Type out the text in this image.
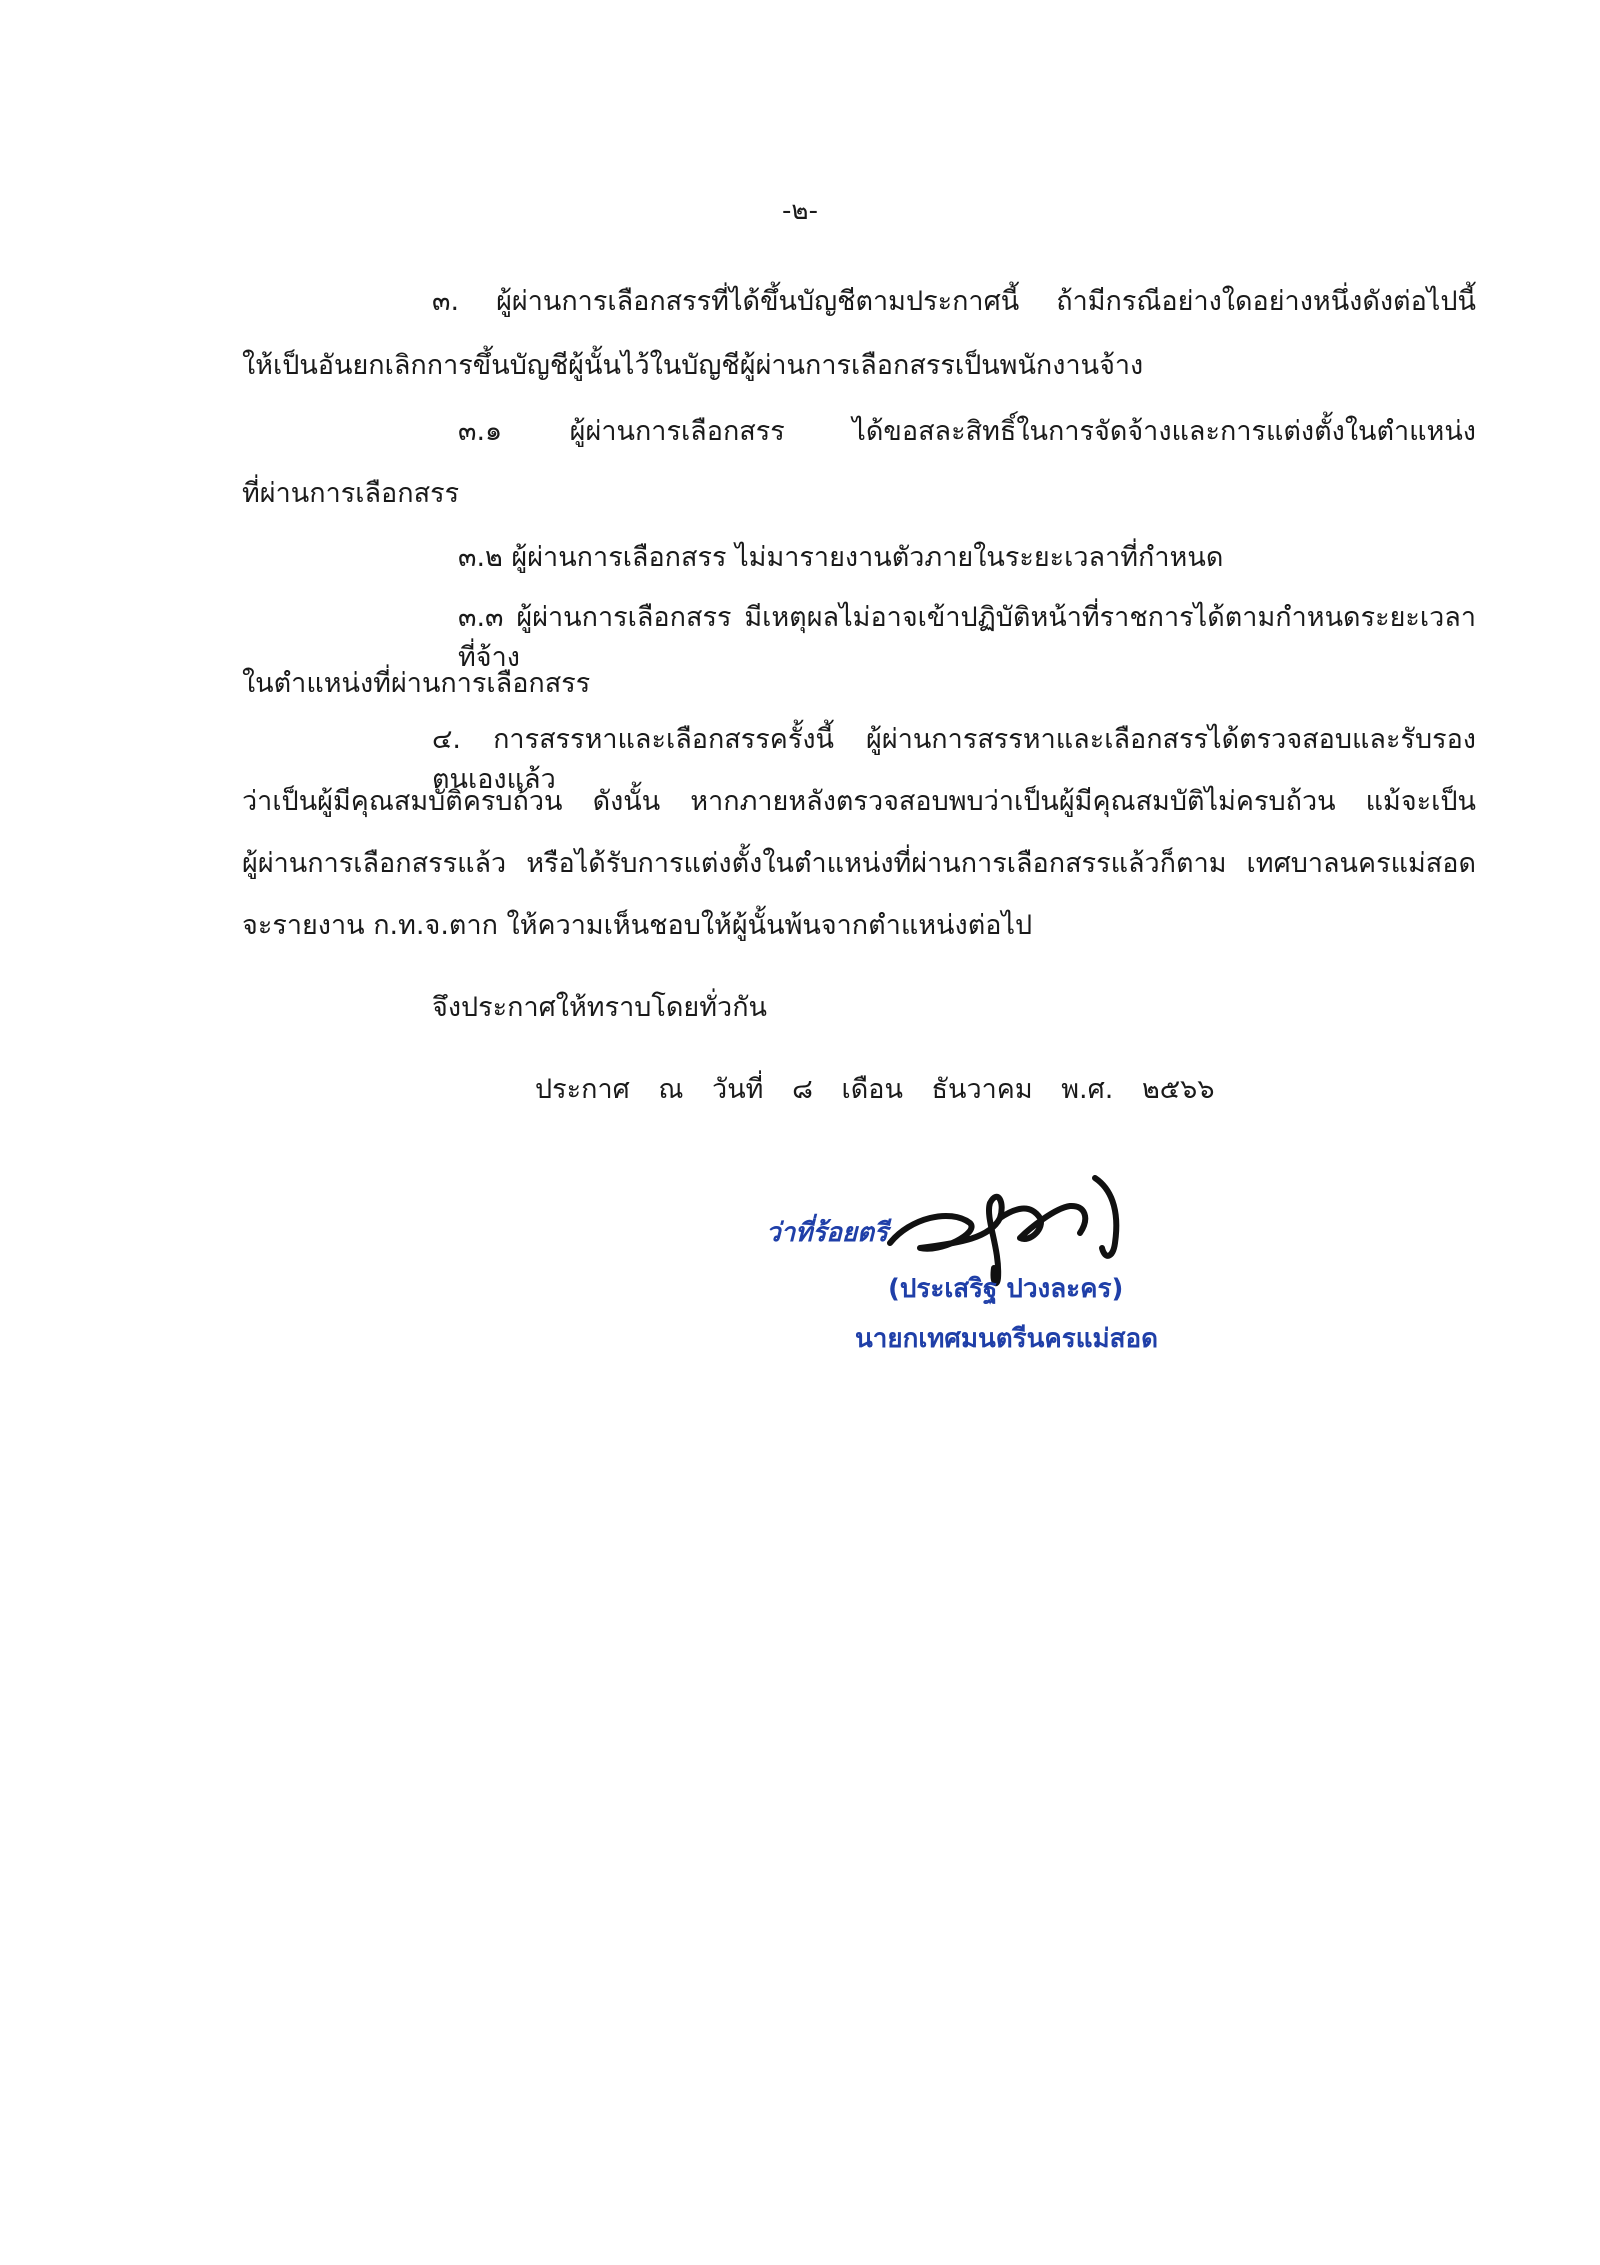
-๒-
๓. ผู้ผ่านการเลือกสรรที่ได้ขึ้นบัญชีตามประกาศนี้ ถ้ามีกรณีอย่างใดอย่างหนึ่งดังต่อไปนี้
ให้เป็นอันยกเลิกการขึ้นบัญชีผู้นั้นไว้ในบัญชีผู้ผ่านการเลือกสรรเป็นพนักงานจ้าง
๓.๑ ผู้ผ่านการเลือกสรร ได้ขอสละสิทธิ์ในการจัดจ้างและการแต่งตั้งในตำแหน่ง
ที่ผ่านการเลือกสรร
๓.๒ ผู้ผ่านการเลือกสรร ไม่มารายงานตัวภายในระยะเวลาที่กำหนด
๓.๓ ผู้ผ่านการเลือกสรร มีเหตุผลไม่อาจเข้าปฏิบัติหน้าที่ราชการได้ตามกำหนดระยะเวลาที่จ้าง
ในตำแหน่งที่ผ่านการเลือกสรร
๔. การสรรหาและเลือกสรรครั้งนี้ ผู้ผ่านการสรรหาและเลือกสรรได้ตรวจสอบและรับรองตนเองแล้ว
ว่าเป็นผู้มีคุณสมบัติครบถ้วน ดังนั้น หากภายหลังตรวจสอบพบว่าเป็นผู้มีคุณสมบัติไม่ครบถ้วน แม้จะเป็น
ผู้ผ่านการเลือกสรรแล้ว หรือได้รับการแต่งตั้งในตำแหน่งที่ผ่านการเลือกสรรแล้วก็ตาม เทศบาลนครแม่สอด
จะรายงาน ก.ท.จ.ตาก ให้ความเห็นชอบให้ผู้นั้นพ้นจากตำแหน่งต่อไป
จึงประกาศให้ทราบโดยทั่วกัน
ประกาศ ณ วันที่ ๘ เดือน ธันวาคม พ.ศ. ๒๕๖๖
ว่าที่ร้อยตรี
(ประเสริฐ ปวงละคร)
นายกเทศมนตรีนครแม่สอด
